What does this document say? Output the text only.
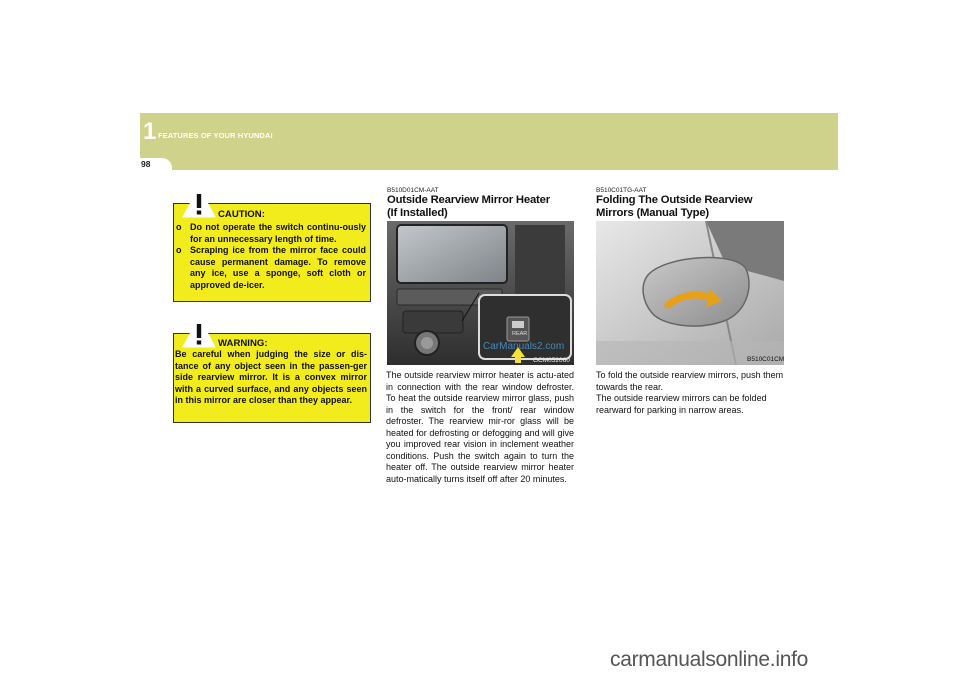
1 FEATURES OF YOUR HYUNDAI
98
CAUTION:
o Do not operate the switch continu-ously for an unnecessary length of time.
o Scraping ice from the mirror face could cause permanent damage. To remove any ice, use a sponge, soft cloth or approved de-icer.
WARNING:

Be careful when judging the size or dis-tance of any object seen in the passen-ger side rearview mirror. It is a convex mirror with a curved surface, and any objects seen in this mirror are closer than they appear.

B510D01CM-AAT
Outside Rearview Mirror Heater
(If Installed)
REAR
CarManuals2.com
GCM052060

The outside rearview mirror heater is actu-ated in connection with the rear window defroster. To heat the outside rearview mirror glass, push in the switch for the front/ rear window defroster. The rearview mir-ror glass will be heated for defrosting or defogging and will give you improved rear vision in inclement weather conditions. Push the switch again to turn the heater off. The outside rearview mirror heater auto-matically turns itself off after 20 minutes.

B510C01TG-AAT
Folding The Outside Rearview
Mirrors (Manual Type)
B510C01CM
To fold the outside rearview mirrors, push them towards the rear.
The outside rearview mirrors can be folded rearward for parking in narrow areas.
carmanualsonline.info
